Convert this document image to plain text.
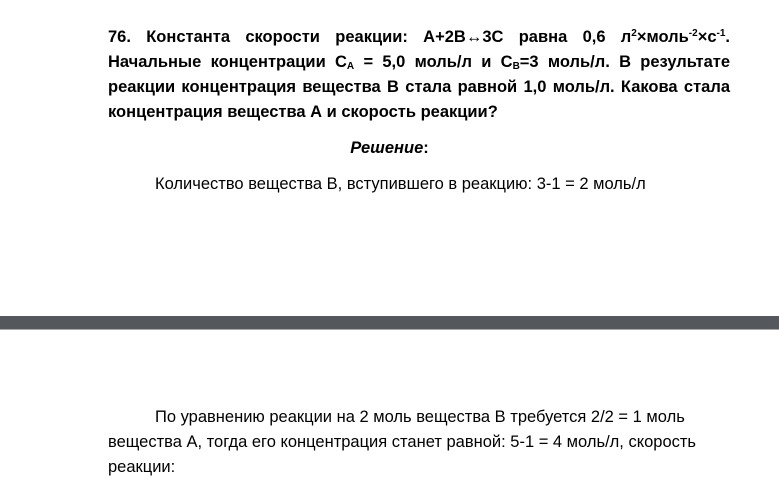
76. Константа скорости реакции: А+2В↔3С равна 0,6 $л^2\times моль^{-2}\times с^{-1}$. Начальные концентрации $С_А = 5,0$ моль/л и $С_В=3$ моль/л. В результате реакции концентрация вещества В стала равной 1,0 моль/л. Какова стала концентрация вещества А и скорость реакции?

Решение:

Количество вещества В, вступившего в реакцию: 3-1 = 2 моль/л

По уравнению реакции на 2 моль вещества В требуется 2/2 = 1 моль вещества А, тогда его концентрация станет равной: 5-1 = 4 моль/л, скорость реакции:
